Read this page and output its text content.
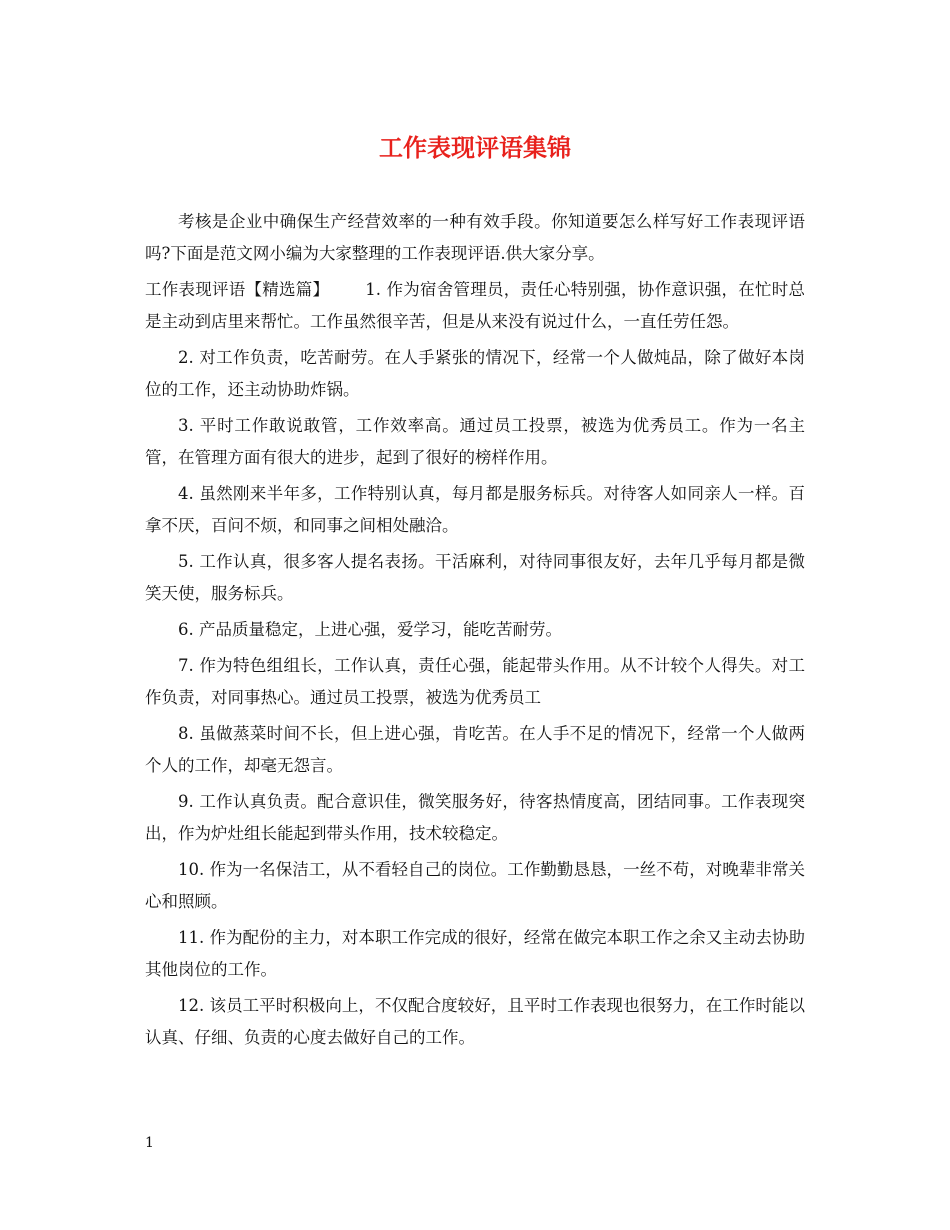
工作表现评语集锦

考核是企业中确保生产经营效率的一种有效手段。你知道要怎么样写好工作表现评语吗?下面是范文网小编为大家整理的工作表现评语.供大家分享。

工作表现评语【精选篇】 1. 作为宿舍管理员，责任心特别强，协作意识强，在忙时总是主动到店里来帮忙。工作虽然很辛苦，但是从来没有说过什么，一直任劳任怨。

2. 对工作负责，吃苦耐劳。在人手紧张的情况下，经常一个人做炖品，除了做好本岗位的工作，还主动协助炸锅。

3. 平时工作敢说敢管，工作效率高。通过员工投票，被选为优秀员工。作为一名主管，在管理方面有很大的进步，起到了很好的榜样作用。

4. 虽然刚来半年多，工作特别认真，每月都是服务标兵。对待客人如同亲人一样。百拿不厌，百问不烦，和同事之间相处融洽。

5. 工作认真，很多客人提名表扬。干活麻利，对待同事很友好，去年几乎每月都是微笑天使，服务标兵。

6. 产品质量稳定，上进心强，爱学习，能吃苦耐劳。

7. 作为特色组组长，工作认真，责任心强，能起带头作用。从不计较个人得失。对工作负责，对同事热心。通过员工投票，被选为优秀员工

8. 虽做蒸菜时间不长，但上进心强，肯吃苦。在人手不足的情况下，经常一个人做两个人的工作，却毫无怨言。

9. 工作认真负责。配合意识佳，微笑服务好，待客热情度高，团结同事。工作表现突出，作为炉灶组长能起到带头作用，技术较稳定。

10. 作为一名保洁工，从不看轻自己的岗位。工作勤勤恳恳，一丝不苟，对晚辈非常关心和照顾。

11. 作为配份的主力，对本职工作完成的很好，经常在做完本职工作之余又主动去协助其他岗位的工作。

12. 该员工平时积极向上，不仅配合度较好，且平时工作表现也很努力，在工作时能以认真、仔细、负责的心度去做好自己的工作。

1
